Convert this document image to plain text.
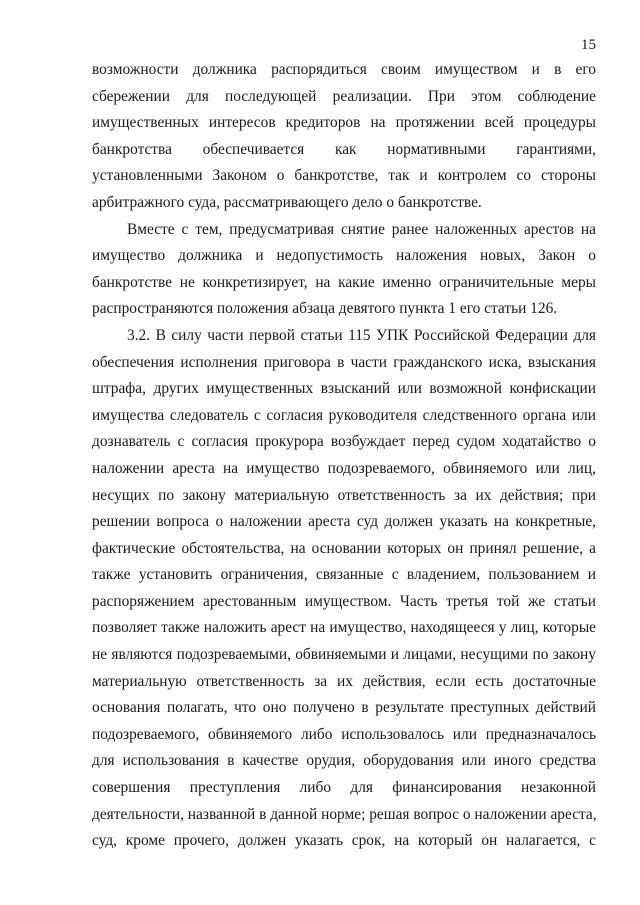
15
возможности должника распорядиться своим имуществом и в его
сбережении для последующей реализации. При этом соблюдение
имущественных интересов кредиторов на протяжении всей процедуры
банкротства обеспечивается как нормативными гарантиями,
установленными Законом о банкротстве, так и контролем со стороны
арбитражного суда, рассматривающего дело о банкротстве.
Вместе с тем, предусматривая снятие ранее наложенных арестов на
имущество должника и недопустимость наложения новых, Закон о
банкротстве не конкретизирует, на какие именно ограничительные меры
распространяются положения абзаца девятого пункта 1 его статьи 126.
3.2. В силу части первой статьи 115 УПК Российской Федерации для
обеспечения исполнения приговора в части гражданского иска, взыскания
штрафа, других имущественных взысканий или возможной конфискации
имущества следователь с согласия руководителя следственного органа или
дознаватель с согласия прокурора возбуждает перед судом ходатайство о
наложении ареста на имущество подозреваемого, обвиняемого или лиц,
несущих по закону материальную ответственность за их действия; при
решении вопроса о наложении ареста суд должен указать на конкретные,
фактические обстоятельства, на основании которых он принял решение, а
также установить ограничения, связанные с владением, пользованием и
распоряжением арестованным имуществом. Часть третья той же статьи
позволяет также наложить арест на имущество, находящееся у лиц, которые
не являются подозреваемыми, обвиняемыми и лицами, несущими по закону
материальную ответственность за их действия, если есть достаточные
основания полагать, что оно получено в результате преступных действий
подозреваемого, обвиняемого либо использовалось или предназначалось
для использования в качестве орудия, оборудования или иного средства
совершения преступления либо для финансирования незаконной
деятельности, названной в данной норме; решая вопрос о наложении ареста,
суд, кроме прочего, должен указать срок, на который он налагается, с
